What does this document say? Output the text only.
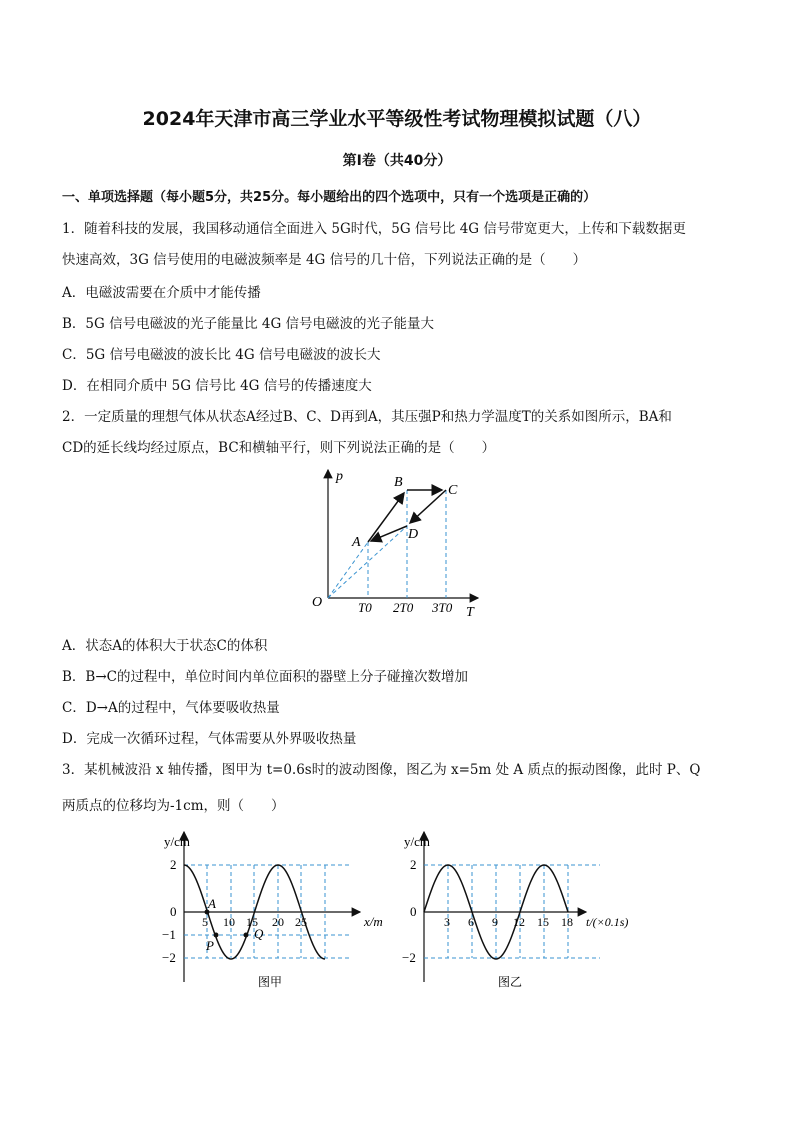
2024年天津市高三学业水平等级性考试物理模拟试题（八）
第Ⅰ卷（共40分）
一、单项选择题（每小题5分，共25分。每小题给出的四个选项中，只有一个选项是正确的）
1．随着科技的发展，我国移动通信全面进入 5G时代，5G 信号比 4G 信号带宽更大，上传和下载数据更
快速高效，3G 信号使用的电磁波频率是 4G 信号的几十倍，下列说法正确的是（　　）
A．电磁波需要在介质中才能传播
B．5G 信号电磁波的光子能量比 4G 信号电磁波的光子能量大
C．5G 信号电磁波的波长比 4G 信号电磁波的波长大
D．在相同介质中 5G 信号比 4G 信号的传播速度大
2．一定质量的理想气体从状态A经过B、C、D再到A，其压强P和热力学温度T的关系如图所示，BA和
CD的延长线均经过原点，BC和横轴平行，则下列说法正确的是（　　）
p
T
O
A
B
C
D
T0 2T0 3T0
A．状态A的体积大于状态C的体积
B．B→C的过程中，单位时间内单位面积的器壁上分子碰撞次数增加
C．D→A的过程中，气体要吸收热量
D．完成一次循环过程，气体需要从外界吸收热量
3．某机械波沿 x 轴传播，图甲为 t=0.6s时的波动图像，图乙为 x=5m 处 A 质点的振动图像，此时 P、Q
两质点的位移均为-1cm，则（　　）
y/cm
2
0
−1
−2
5 10 15 20 25	x/m
A
P
Q
图甲
y/cm
2
0
−2
3 6 9 12 15 18 t/(×0.1s)
图乙
